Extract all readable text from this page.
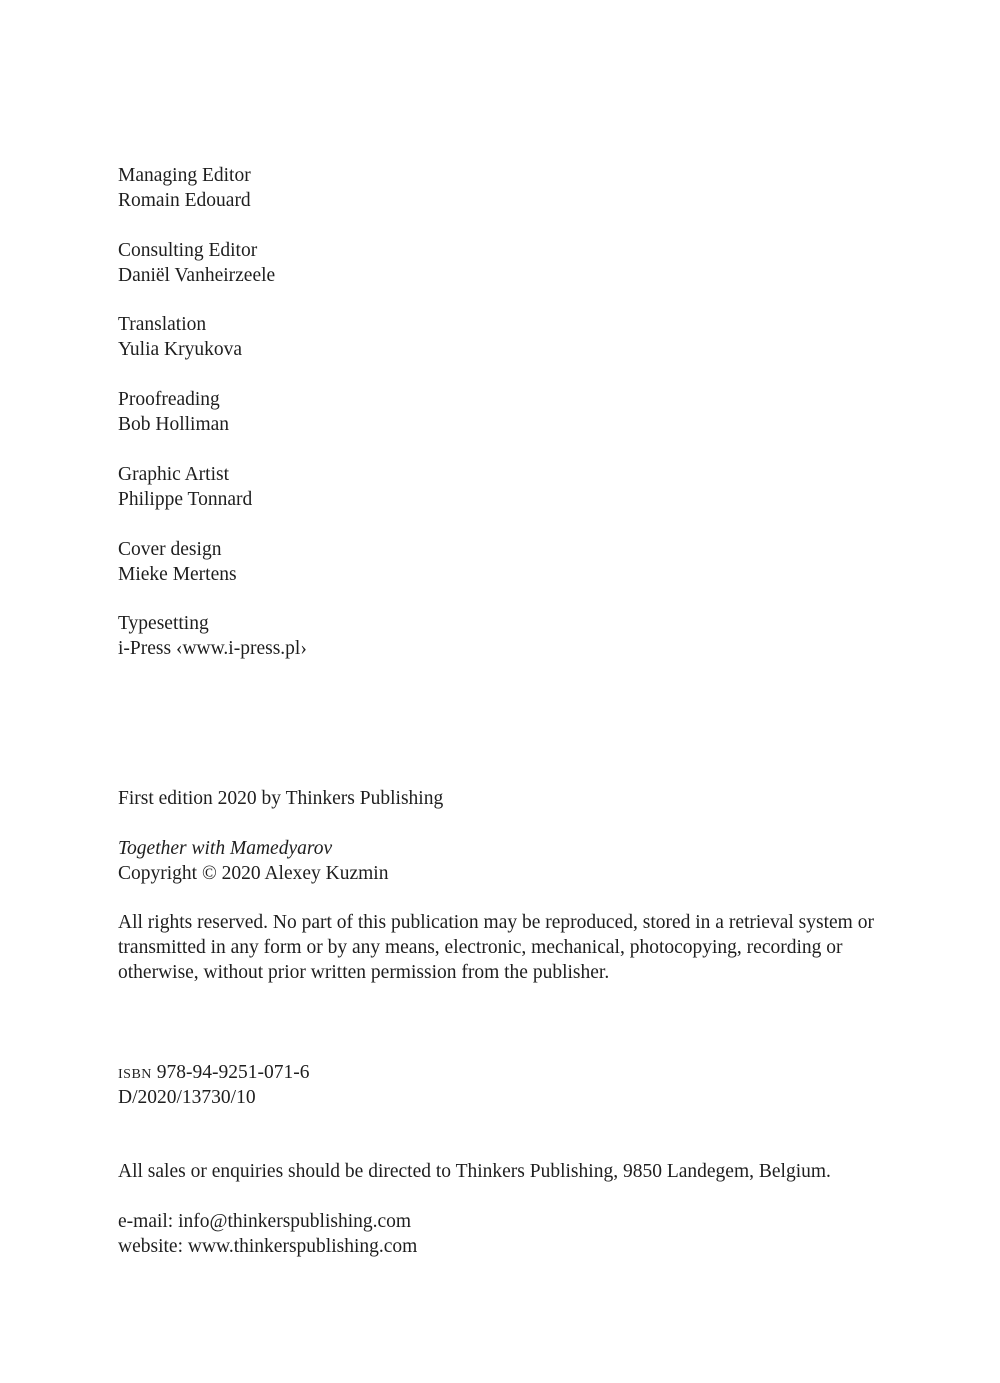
Managing Editor
Romain Edouard
Consulting Editor
Daniël Vanheirzeele
Translation
Yulia Kryukova
Proofreading
Bob Holliman
Graphic Artist
Philippe Tonnard
Cover design
Mieke Mertens
Typesetting
i-Press ‹www.i-press.pl›
First edition 2020 by Thinkers Publishing
Together with Mamedyarov
Copyright © 2020 Alexey Kuzmin
All rights reserved. No part of this publication may be reproduced, stored in a retrieval system or transmitted in any form or by any means, electronic, mechanical, photocopying, recording or otherwise, without prior written permission from the publisher.
isbn 978-94-9251-071-6
D/2020/13730/10
All sales or enquiries should be directed to Thinkers Publishing, 9850 Landegem, Belgium.
e-mail: info@thinkerspublishing.com
website: www.thinkerspublishing.com
